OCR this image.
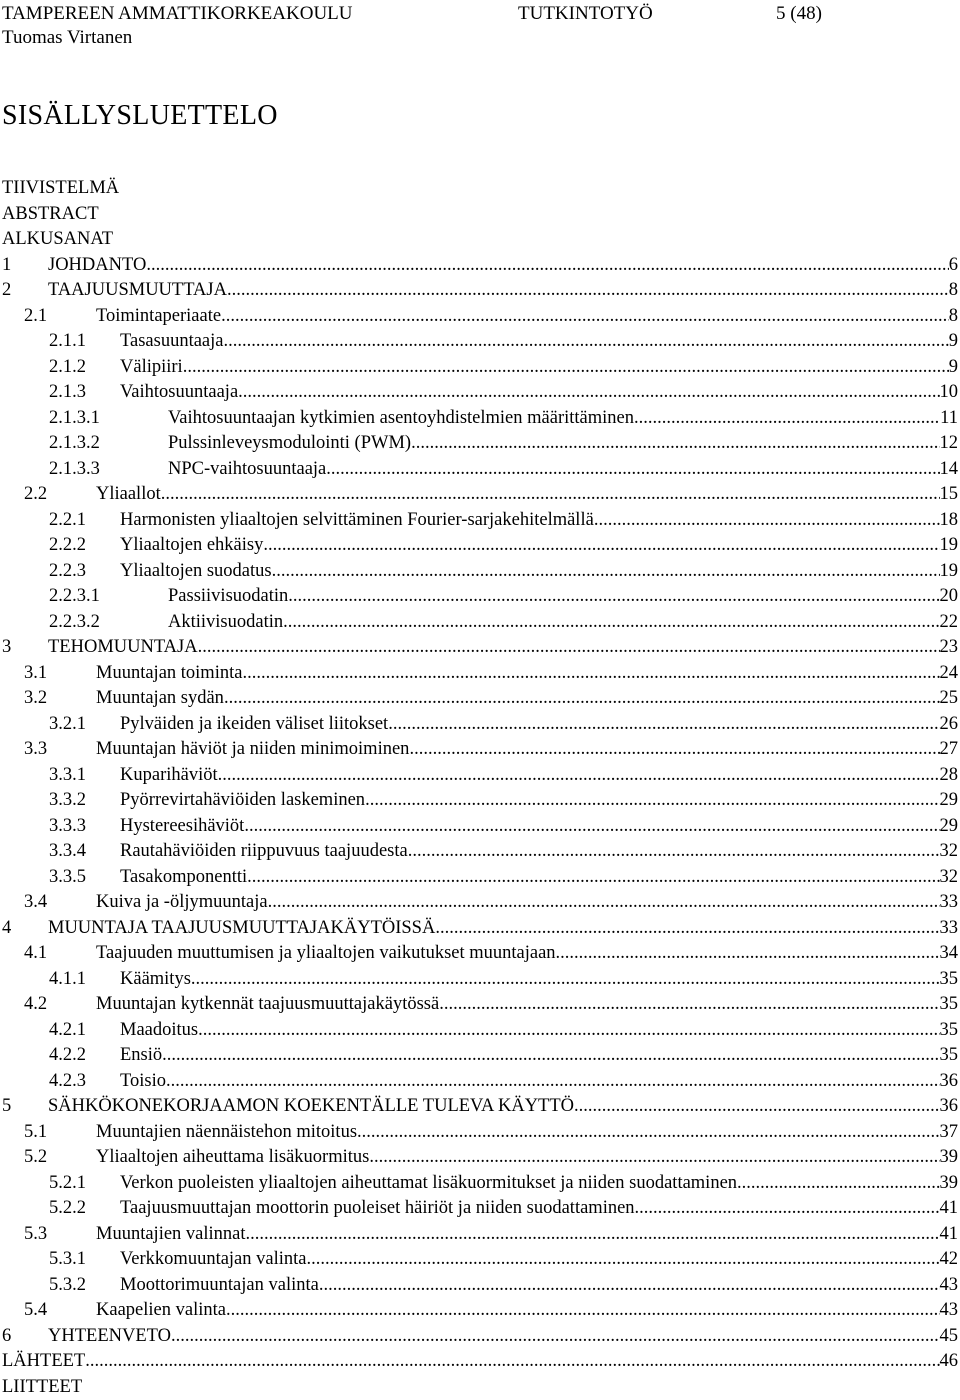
TAMPEREEN AMMATTIKORKEAKOULU	TUTKINTOTYÖ	5 (48)
Tuomas Virtanen
SISÄLLYSLUETTELO
TIIVISTELMÄ
ABSTRACT
ALKUSANAT
1 JOHDANTO .....	6
2 TAAJUUSMUUTTAJA .....	8
2.1	Toimintaperiaate .....	8
2.1.1 Tasasuuntaaja .....	9
2.1.2 Välipiiri .....	9
2.1.3 Vaihtosuuntaaja .....	10
2.1.3.1	Vaihtosuuntaajan kytkimien asentoyhdistelmien määrittäminen .....	11
2.1.3.2	Pulssinleveysmodulointi (PWM) .....	12
2.1.3.3	NPC-vaihtosuuntaaja .....	14
2.2	Yliaallot .....	15
2.2.1 Harmonisten yliaaltojen selvittäminen Fourier-sarjakehitelmällä .....	18
2.2.2 Yliaaltojen ehkäisy .....	19
2.2.3 Yliaaltojen suodatus .....	19
2.2.3.1	Passiivisuodatin .....	20
2.2.3.2	Aktiivisuodatin .....	22
3 TEHOMUUNTAJA .....	23
3.1	Muuntajan toiminta .....	24
3.2	Muuntajan sydän .....	25
3.2.1 Pylväiden ja ikeiden väliset liitokset .....	26
3.3	Muuntajan häviöt ja niiden minimoiminen .....	27
3.3.1 Kuparihäviöt .....	28
3.3.2 Pyörrevirtahäviöiden laskeminen .....	29
3.3.3 Hystereesihäviöt .....	29
3.3.4 Rautahäviöiden riippuvuus taajuudesta .....	32
3.3.5 Tasakomponentti .....	32
3.4	Kuiva ja -öljymuuntaja .....	33
4 MUUNTAJA TAAJUUSMUUTTAJAKÄYTÖISSÄ .....	33
4.1	Taajuuden muuttumisen ja yliaaltojen vaikutukset muuntajaan .....	34
4.1.1 Käämitys .....	35
4.2	Muuntajan kytkennät taajuusmuuttajakäytössä .....	35
4.2.1 Maadoitus .....	35
4.2.2 Ensiö .....	35
4.2.3 Toisio .....	36
5 SÄHKÖKONEKORJAAMON KOEKENTÄLLE TULEVA KÄYTTÖ .....	36
5.1	Muuntajien näennäistehon mitoitus .....	37
5.2	Yliaaltojen aiheuttama lisäkuormitus .....	39
5.2.1 Verkon puoleisten yliaaltojen aiheuttamat lisäkuormitukset ja niiden suodattaminen .....	39
5.2.2 Taajuusmuuttajan moottorin puoleiset häiriöt ja niiden suodattaminen .....	41
5.3	Muuntajien valinnat .....	41
5.3.1 Verkkomuuntajan valinta .....	42
5.3.2 Moottorimuuntajan valinta .....	43
5.4	Kaapelien valinta .....	43
6 YHTEENVETO .....	45
LÄHTEET .....	46
LIITTEET
